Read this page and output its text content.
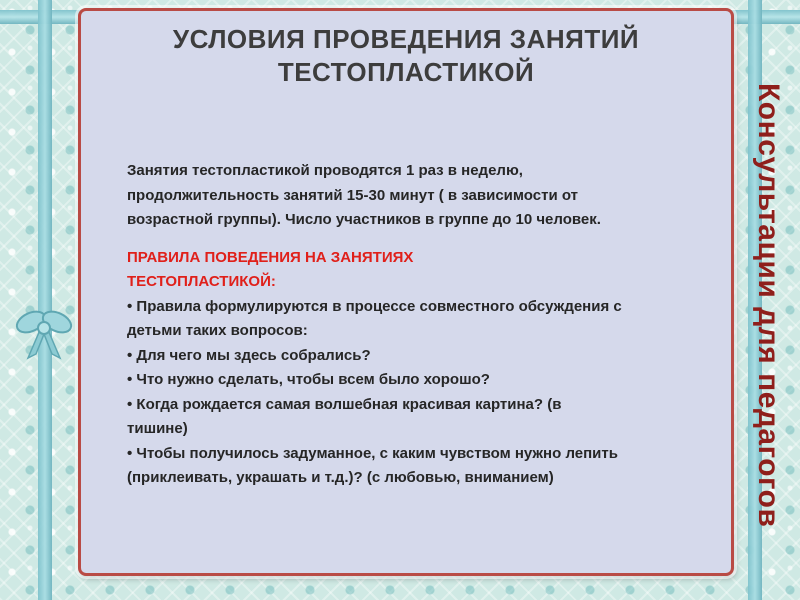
УСЛОВИЯ ПРОВЕДЕНИЯ ЗАНЯТИЙ
ТЕСТОПЛАСТИКОЙ

Занятия тестопластикой проводятся 1 раз в неделю,
продолжительность занятий 15-30 минут ( в зависимости от
возрастной группы). Число участников в группе до 10 человек.

ПРАВИЛА ПОВЕДЕНИЯ НА ЗАНЯТИЯХ
ТЕСТОПЛАСТИКОЙ:

• Правила формулируются в процессе совместного обсуждения с
детьми таких вопросов:
• Для чего мы здесь собрались?
• Что нужно сделать, чтобы всем было хорошо?
• Когда рождается самая волшебная красивая картина? (в
тишине)
• Чтобы получилось задуманное, с каким чувством нужно лепить
(приклеивать, украшать и т.д.)? (с любовью, вниманием)	Консультации для педагогов
